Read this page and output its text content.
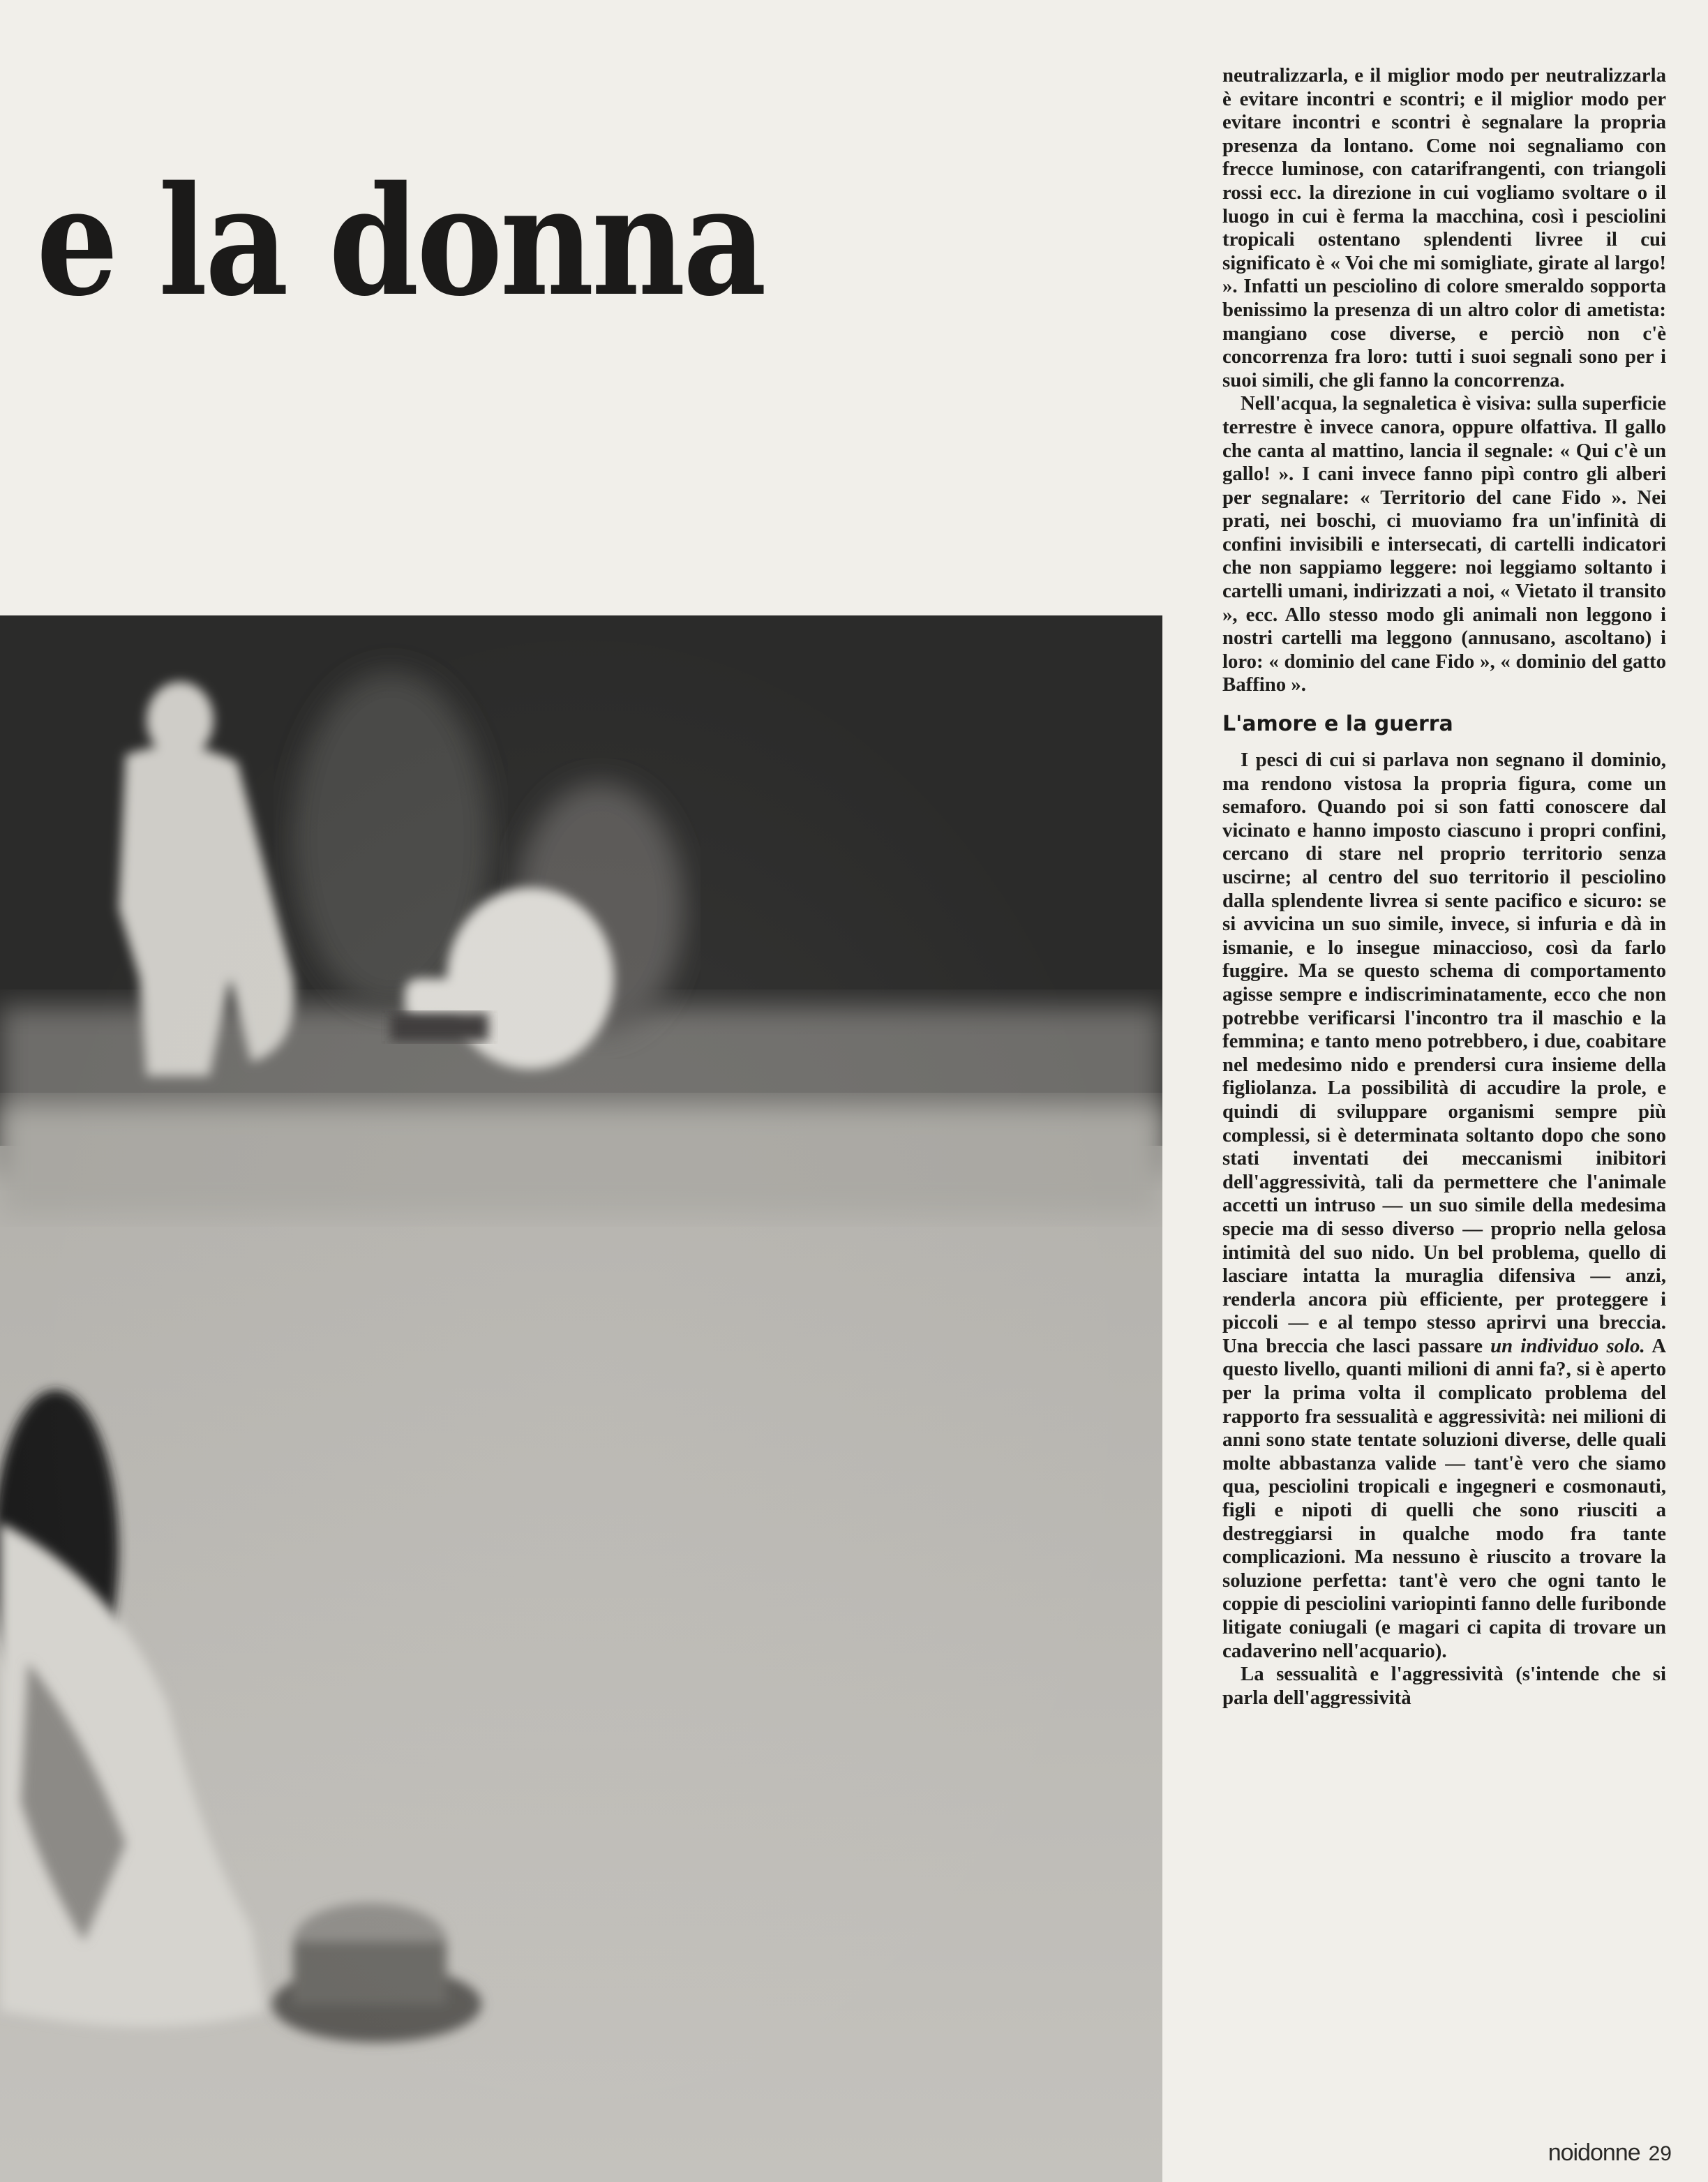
e la donna

neutralizzarla, e il miglior modo per neutralizzarla è evitare incontri e scontri; e il miglior modo per evitare incontri e scontri è segnalare la propria presenza da lontano. Come noi segnaliamo con frecce luminose, con catarifrangenti, con triangoli rossi ecc. la direzione in cui vogliamo svoltare o il luogo in cui è ferma la macchina, così i pesciolini tropicali ostentano splendenti livree il cui significato è « Voi che mi somigliate, girate al largo! ». Infatti un pesciolino di colore smeraldo sopporta benissimo la presenza di un altro color di ametista: mangiano cose diverse, e perciò non c'è concorrenza fra loro: tutti i suoi segnali sono per i suoi simili, che gli fanno la concorrenza.

Nell'acqua, la segnaletica è visiva: sulla superficie terrestre è invece canora, oppure olfattiva. Il gallo che canta al mattino, lancia il segnale: « Qui c'è un gallo! ». I cani invece fanno pipì contro gli alberi per segnalare: « Territorio del cane Fido ». Nei prati, nei boschi, ci muoviamo fra un'infinità di confini invisibili e intersecati, di cartelli indicatori che non sappiamo leggere: noi leggiamo soltanto i cartelli umani, indirizzati a noi, « Vietato il transito », ecc. Allo stesso modo gli animali non leggono i nostri cartelli ma leggono (annusano, ascoltano) i loro: « dominio del cane Fido », « dominio del gatto Baffino ».

L'amore e la guerra

I pesci di cui si parlava non segnano il dominio, ma rendono vistosa la propria figura, come un semaforo. Quando poi si son fatti conoscere dal vicinato e hanno imposto ciascuno i propri confini, cercano di stare nel proprio territorio senza uscirne; al centro del suo territorio il pesciolino dalla splendente livrea si sente pacifico e sicuro: se si avvicina un suo simile, invece, si infuria e dà in ismanie, e lo insegue minaccioso, così da farlo fuggire. Ma se questo schema di comportamento agisse sempre e indiscriminatamente, ecco che non potrebbe verificarsi l'incontro tra il maschio e la femmina; e tanto meno potrebbero, i due, coabitare nel medesimo nido e prendersi cura insieme della figliolanza. La possibilità di accudire la prole, e quindi di sviluppare organismi sempre più complessi, si è determinata soltanto dopo che sono stati inventati dei meccanismi inibitori dell'aggressività, tali da permettere che l'animale accetti un intruso — un suo simile della medesima specie ma di sesso diverso — proprio nella gelosa intimità del suo nido. Un bel problema, quello di lasciare intatta la muraglia difensiva — anzi, renderla ancora più efficiente, per proteggere i piccoli — e al tempo stesso aprirvi una breccia. Una breccia che lasci passare un individuo solo. A questo livello, quanti milioni di anni fa?, si è aperto per la prima volta il complicato problema del rapporto fra sessualità e aggressività: nei milioni di anni sono state tentate soluzioni diverse, delle quali molte abbastanza valide — tant'è vero che siamo qua, pesciolini tropicali e ingegneri e cosmonauti, figli e nipoti di quelli che sono riusciti a destreggiarsi in qualche modo fra tante complicazioni. Ma nessuno è riuscito a trovare la soluzione perfetta: tant'è vero che ogni tanto le coppie di pesciolini variopinti fanno delle furibonde litigate coniugali (e magari ci capita di trovare un cadaverino nell'acquario).

La sessualità e l'aggressività (s'intende che si parla dell'aggressività

noidonne 29
